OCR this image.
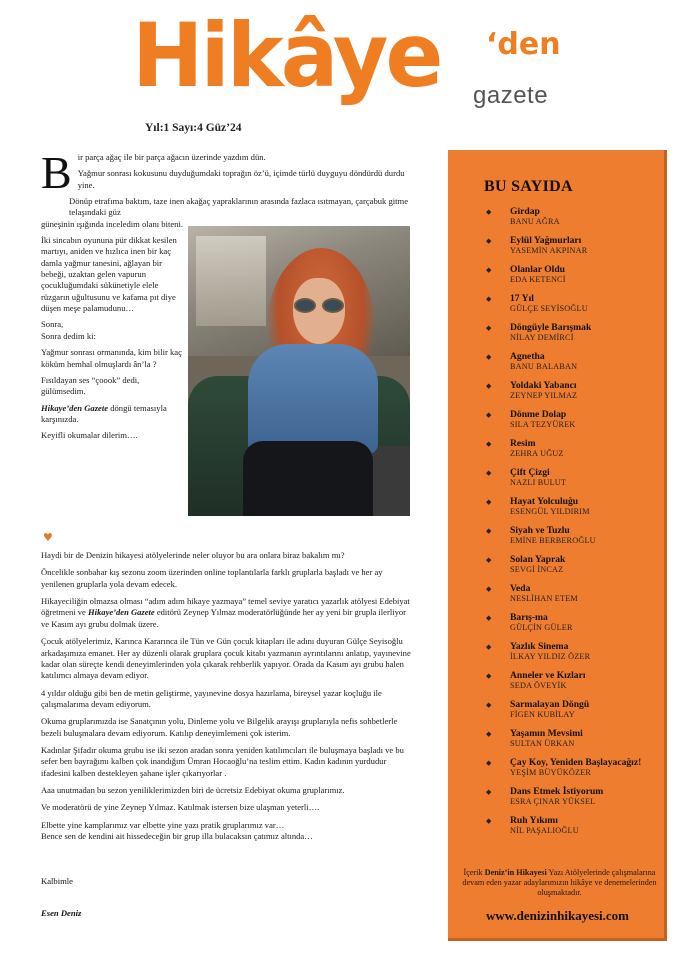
Hikâye ‘den
gazete
Yıl:1 Sayı:4 Güz’24
B ir parça ağaç ile bir parça ağacın üzerinde yazdım dün.

Yağmur sonrası kokusunu duyduğumdaki toprağın öz’ü, içimde türlü duyguyu döndürdü durdu yine.

Dönüp etrafıma baktım, taze inen akağaç yapraklarının arasında fazlaca ısıtmayan, çarçabuk gitme telaşındaki güz
güneşinin ışığında inceledim olanı biteni.

İki sincabın oyununa pür dikkat kesilen martıyı, aniden ve hızlıca inen bir kaç damla yağmur tanesini, ağlayan bir bebeği, uzaktan gelen vapurun çocukluğumdaki sükünetiyle elele rüzgarın uğultusunu ve kafama pıt diye düşen meşe palamudunu…

Sonra,
Sonra dedim ki:

Yağmur sonrası ormanında, kim bilir kaç köküm hemhal olmuşlardı ân’la ?

Fısıldayan ses “çoook” dedi, gülümsedim.

Hikaye’den Gazete döngü temasıyla karşınızda.

Keyifli okumalar dilerim….

♥

Haydi bir de Denizin hikayesi atölyelerinde neler oluyor bu ara onlara biraz bakalım mı?

Öncelikle sonbahar kış sezonu zoom üzerinden online toplantılarla farklı gruplarla başladı ve her ay yenilenen gruplarla yola devam edecek.

Hikayeciliğin olmazsa olması “adım adım hikaye yazmaya” temel seviye yaratıcı yazarlık atölyesi Edebiyat öğretmeni ve Hikaye’den Gazete editörü Zeynep Yılmaz moderatörlüğünde her ay yeni bir grupla ilerliyor ve Kasım ayı grubu dolmak üzere.

Çocuk atölyelerimiz, Karınca Kararınca ile Tün ve Gün çocuk kitapları ile adını duyuran Gülçe Seyisoğlu arkadaşımıza emanet. Her ay düzenli olarak gruplara çocuk kitabı yazmanın ayrıntılarını anlatıp, yayınevine kadar olan süreçte kendi deneyimlerinden yola çıkarak rehberlik yapıyor. Orada da Kasım ayı grubu halen katılımcı almaya devam ediyor.

4 yıldır olduğu gibi ben de metin geliştirme, yayınevine dosya hazırlama, bireysel yazar koçluğu ile çalışmalarıma devam ediyorum.

Okuma gruplarımızda ise Sanatçının yolu, Dinleme yolu ve Bilgelik arayışı gruplarıyla nefis sohbetlerle bezeli buluşmalara devam ediyorum. Katılıp deneyimlemeni çok isterim.

Kadınlar Şifadır okuma grubu ise iki sezon aradan sonra yeniden katılımcıları ile buluşmaya başladı ve bu sefer ben bayrağımı kalben çok inandığım Ümran Hocaoğlu’na teslim ettim. Kadın kadının yurdudur ifadesini kalben destekleyen şahane işler çıkarıyorlar .

Aaa unutmadan bu sezon yeniliklerimizden biri de ücretsiz Edebiyat okuma gruplarımız.

Ve moderatörü de yine Zeynep Yılmaz. Katılmak istersen bize ulaşman yeterli….

Elbette yine kamplarımız var elbette yine yazı pratik gruplarımız var…
Bence sen de kendini ait hissedeceğin bir grup illa bulacaksın çatımız altında…

Kalbimle
Esen Deniz
BU SAYIDA
◆ Girdap
BANU AĞRA
◆ Eylül Yağmurları
YASEMİN AKPINAR
◆ Olanlar Oldu
EDA KETENCİ
◆ 17 Yıl
GÜLÇE SEYİSOĞLU
◆ Döngüyle Barışmak
NİLAY DEMİRCİ
◆ Agnetha
BANU BALABAN
◆ Yoldaki Yabancı
ZEYNEP YILMAZ
◆ Dönme Dolap
SILA TEZYÜREK
◆ Resim
ZEHRA UĞUZ
◆ Çift Çizgi
NAZLI BULUT
◆ Hayat Yolculuğu
ESENGÜL YILDIRIM
◆ Siyah ve Tuzlu
EMİNE BERBEROĞLU
◆ Solan Yaprak
SEVGİ İNCAZ
◆ Veda
NESLİHAN ETEM
◆ Barış-ma
GÜLÇİN GÜLER
◆ Yazlık Sinema
İLKAY YILDIZ ÖZER
◆ Anneler ve Kızları
SEDA ÖVEYİK
◆ Sarmalayan Döngü
FİGEN KUBİLAY
◆ Yaşamın Mevsimi
SULTAN ÜRKAN
◆ Çay Koy, Yeniden Başlayacağız!
YEŞİM BÜYÜKÖZER
◆ Dans Etmek İstiyorum
ESRA ÇINAR YÜKSEL
◆ Ruh Yıkımı
NİL PAŞALIOĞLU
İçerik Deniz’in Hikayesi Yazı Atölyelerinde çalışmalarına devam eden yazar adaylarımızın hikâye ve denemelerinden oluşmaktadır.
www.denizinhikayesi.com
